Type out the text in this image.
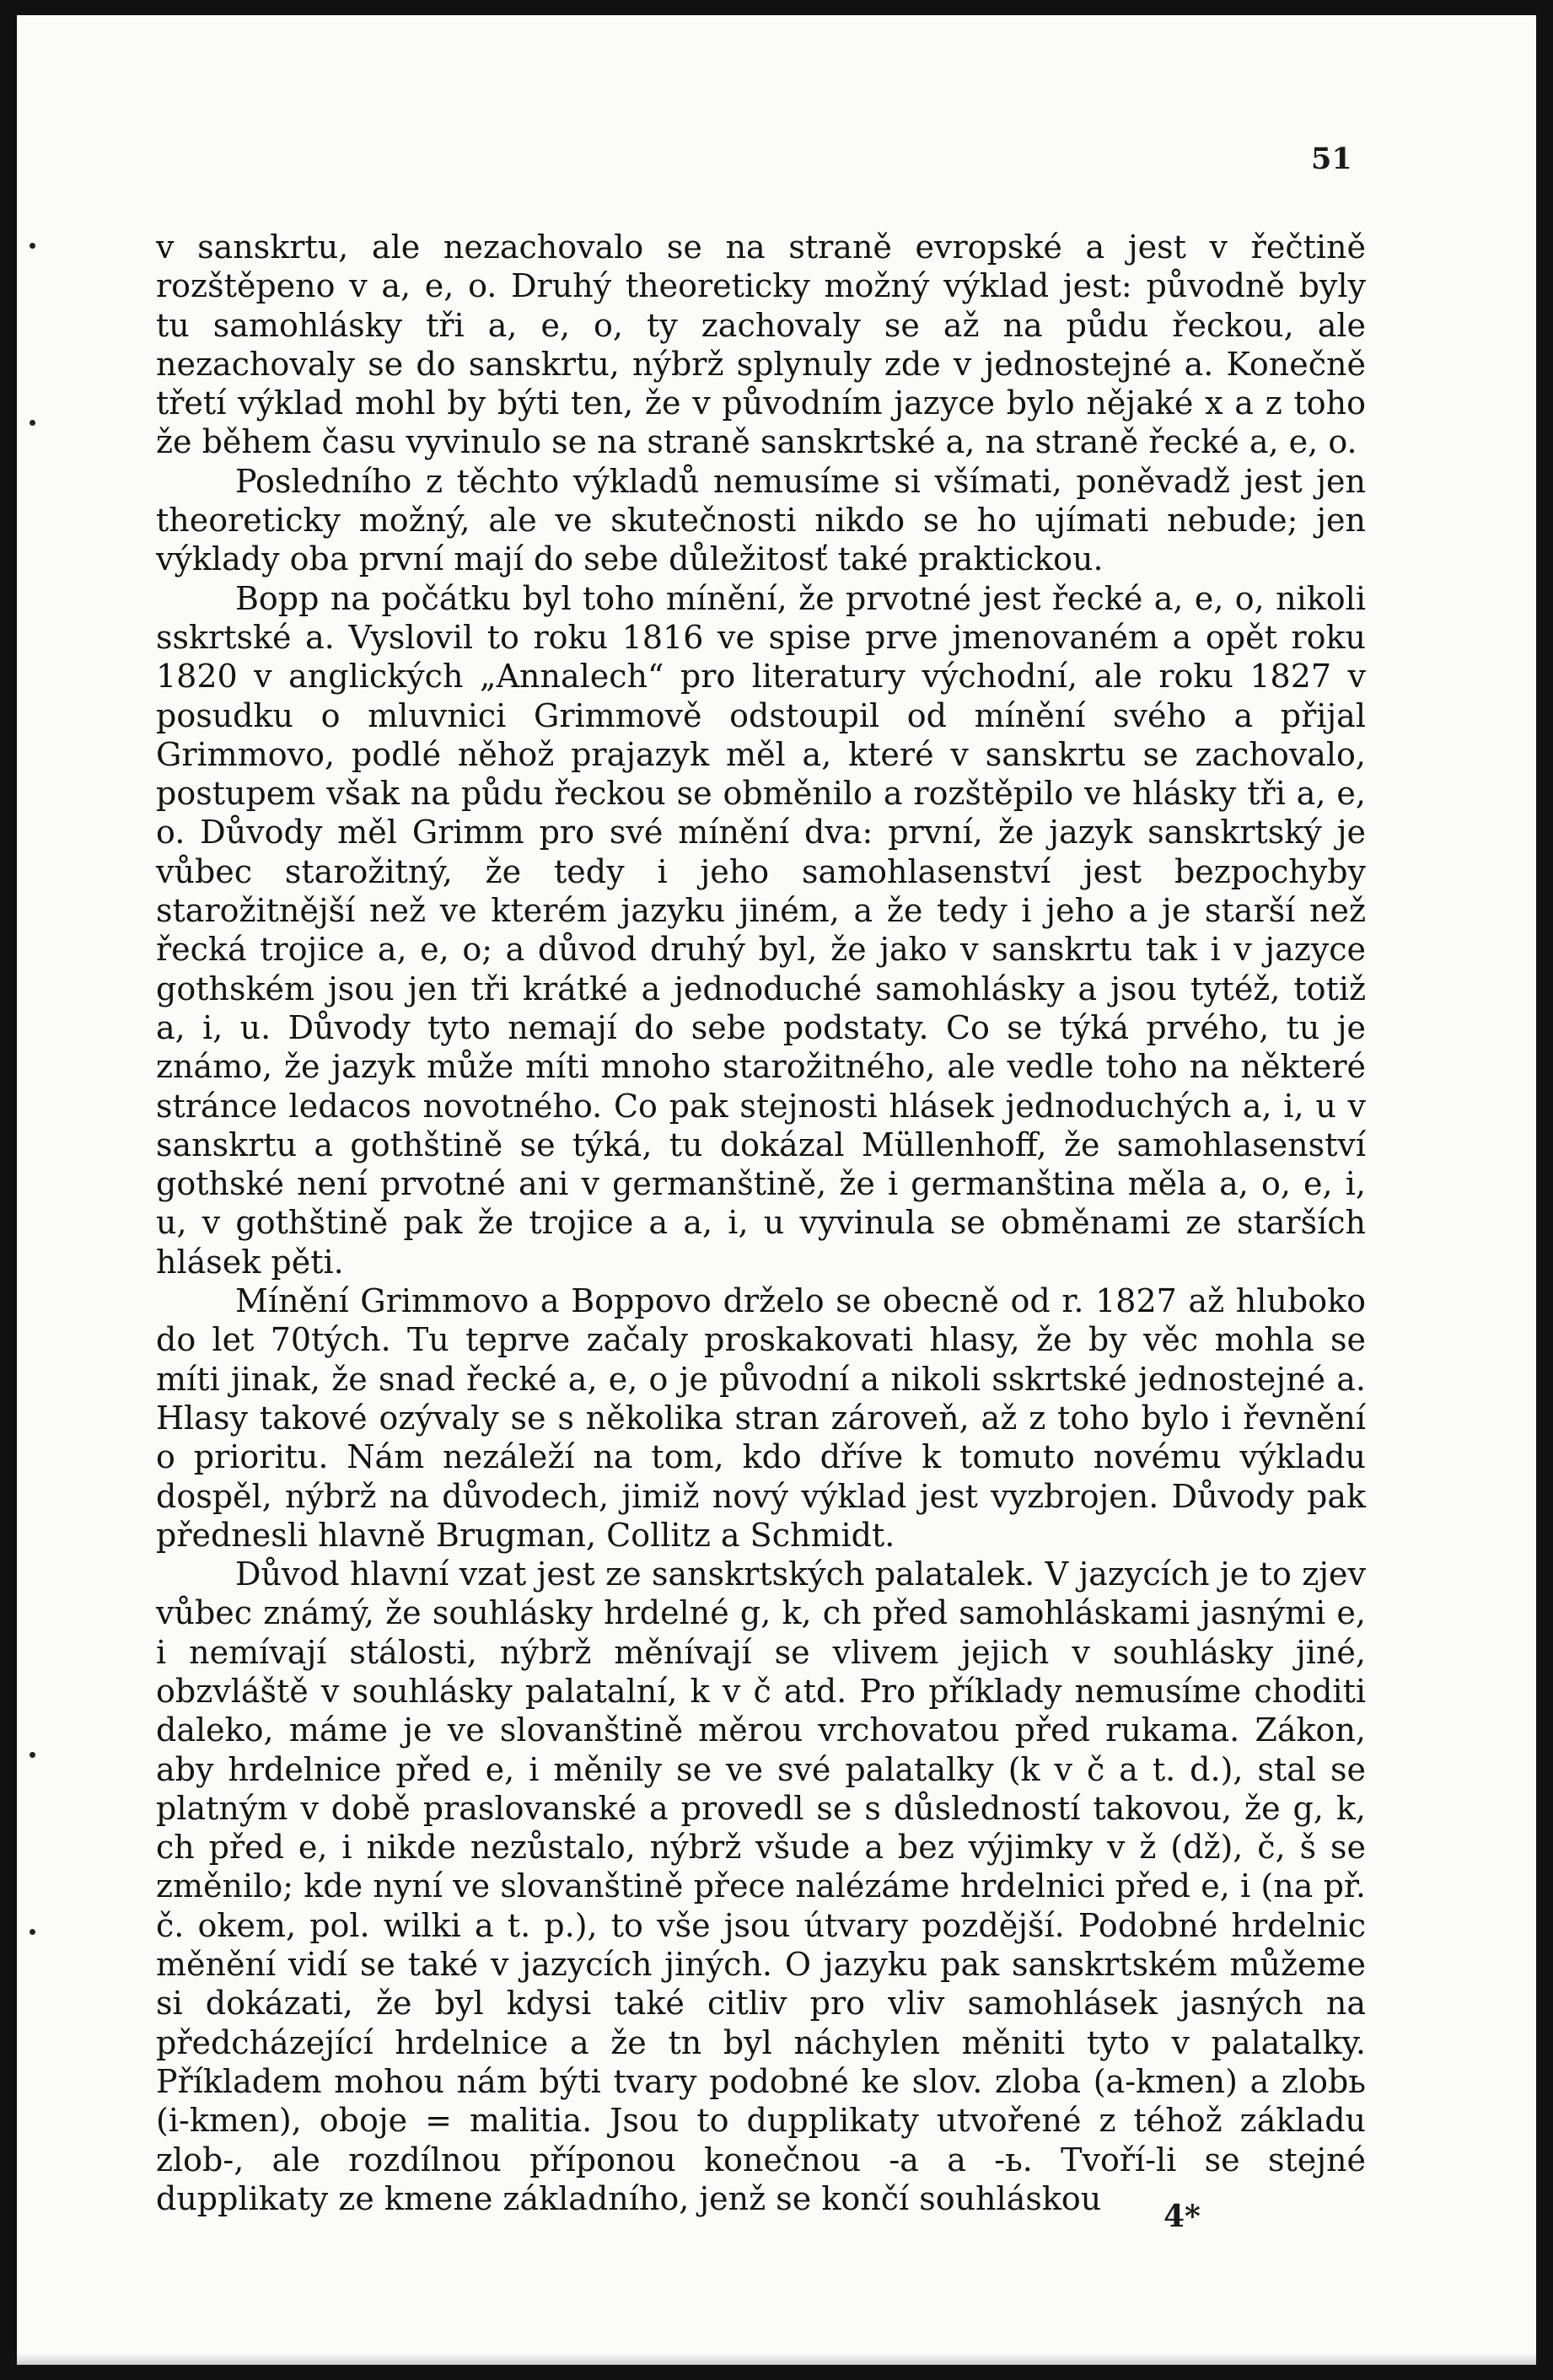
51

v sanskrtu, ale nezachovalo se na straně evropské a jest v řečtině rozštěpeno v a, e, o. Druhý theoreticky možný výklad jest: původně byly tu samohlásky tři a, e, o, ty zachovaly se až na půdu řeckou, ale nezachovaly se do sanskrtu, nýbrž splynuly zde v jednostejné a. Konečně třetí výklad mohl by býti ten, že v původním jazyce bylo nějaké x a z toho že během času vyvinulo se na straně sanskrtské a, na straně řecké a, e, o.

Posledního z těchto výkladů nemusíme si všímati, poněvadž jest jen theoreticky možný, ale ve skutečnosti nikdo se ho ujímati nebude; jen výklady oba první mají do sebe důležitosť také praktickou.

Bopp na počátku byl toho mínění, že prvotné jest řecké a, e, o, nikoli sskrtské a. Vyslovil to roku 1816 ve spise prve jmenovaném a opět roku 1820 v anglických „Annalech“ pro literatury východní, ale roku 1827 v posudku o mluvnici Grimmově odstoupil od mínění svého a přijal Grimmovo, podlé něhož prajazyk měl a, které v sanskrtu se zachovalo, postupem však na půdu řeckou se obměnilo a rozštěpilo ve hlásky tři a, e, o. Důvody měl Grimm pro své mínění dva: první, že jazyk sanskrtský je vůbec starožitný, že tedy i jeho samohlasenství jest bezpochyby starožitnější než ve kterém jazyku jiném, a že tedy i jeho a je starší než řecká trojice a, e, o; a důvod druhý byl, že jako v sanskrtu tak i v jazyce gothském jsou jen tři krátké a jednoduché samohlásky a jsou tytéž, totiž a, i, u. Důvody tyto nemají do sebe podstaty. Co se týká prvého, tu je známo, že jazyk může míti mnoho starožitného, ale vedle toho na některé stránce ledacos novotného. Co pak stejnosti hlásek jednoduchých a, i, u v sanskrtu a gothštině se týká, tu dokázal Müllenhoff, že samohlasenství gothské není prvotné ani v germanštině, že i germanština měla a, o, e, i, u, v gothštině pak že trojice a a, i, u vyvinula se obměnami ze starších hlásek pěti.

Mínění Grimmovo a Boppovo drželo se obecně od r. 1827 až hluboko do let 70tých. Tu teprve začaly proskakovati hlasy, že by věc mohla se míti jinak, že snad řecké a, e, o je původní a nikoli sskrtské jednostejné a. Hlasy takové ozývaly se s několika stran zároveň, až z toho bylo i řevnění o prioritu. Nám nezáleží na tom, kdo dříve k tomuto novému výkladu dospěl, nýbrž na důvodech, jimiž nový výklad jest vyzbrojen. Důvody pak přednesli hlavně Brugman, Collitz a Schmidt.

Důvod hlavní vzat jest ze sanskrtských palatalek. V jazycích je to zjev vůbec známý, že souhlásky hrdelné g, k, ch před samohláskami jasnými e, i nemívají stálosti, nýbrž měnívají se vlivem jejich v souhlásky jiné, obzvláště v souhlásky palatalní, k v č atd. Pro příklady nemusíme choditi daleko, máme je ve slovanštině měrou vrchovatou před rukama. Zákon, aby hrdelnice před e, i měnily se ve své palatalky (k v č a t. d.), stal se platným v době praslovanské a provedl se s důsledností takovou, že g, k, ch před e, i nikde nezůstalo, nýbrž všude a bez výjimky v ž (dž), č, š se změnilo; kde nyní ve slovanštině přece nalézáme hrdelnici před e, i (na př. č. okem, pol. wilki a t. p.), to vše jsou útvary pozdější. Podobné hrdelnic měnění vidí se také v jazycích jiných. O jazyku pak sanskrtském můžeme si dokázati, že byl kdysi také citliv pro vliv samohlásek jasných na předcházející hrdelnice a že tn byl náchylen měniti tyto v palatalky. Příkladem mohou nám býti tvary podobné ke slov. zloba (a-kmen) a zlobь (i-kmen), oboje = malitia. Jsou to dupplikaty utvořené z téhož základu zlob-, ale rozdílnou příponou konečnou -a a -ь. Tvoří-li se stejné dupplikaty ze kmene základního, jenž se končí souhláskou	4*
